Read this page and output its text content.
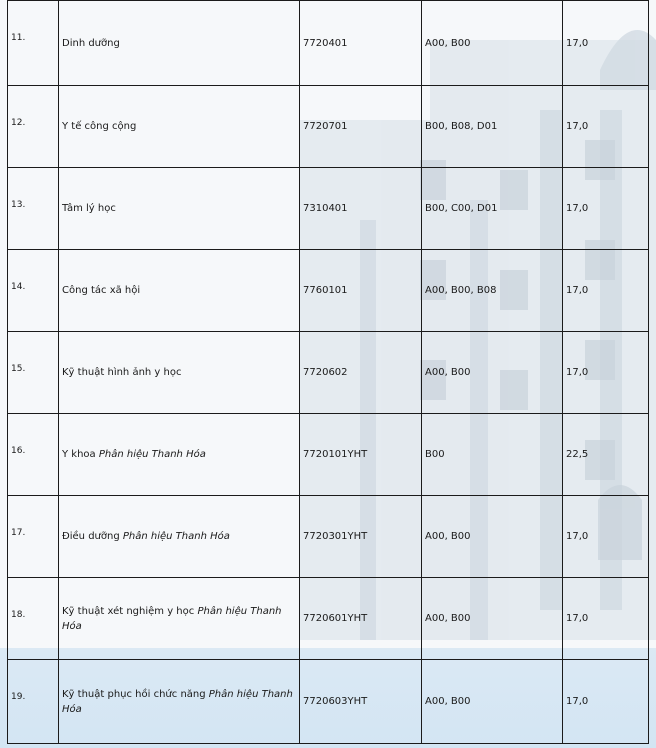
11.	Dinh dưỡng	7720401	A00, B00	17,0
12.	Y tế công cộng	7720701	B00, B08, D01	17,0
13.	Tâm lý học	7310401	B00, C00, D01	17,0
14.	Công tác xã hội	7760101	A00, B00, B08	17,0
15.	Kỹ thuật hình ảnh y học	7720602	A00, B00	17,0
16.	Y khoa Phân hiệu Thanh Hóa	7720101YHT	B00	22,5
17.	Điều dưỡng Phân hiệu Thanh Hóa	7720301YHT	A00, B00	17,0
18.	Kỹ thuật xét nghiệm y học Phân hiệu Thanh Hóa	7720601YHT	A00, B00	17,0
19.	Kỹ thuật phục hồi chức năng Phân hiệu Thanh Hóa	7720603YHT	A00, B00	17,0
